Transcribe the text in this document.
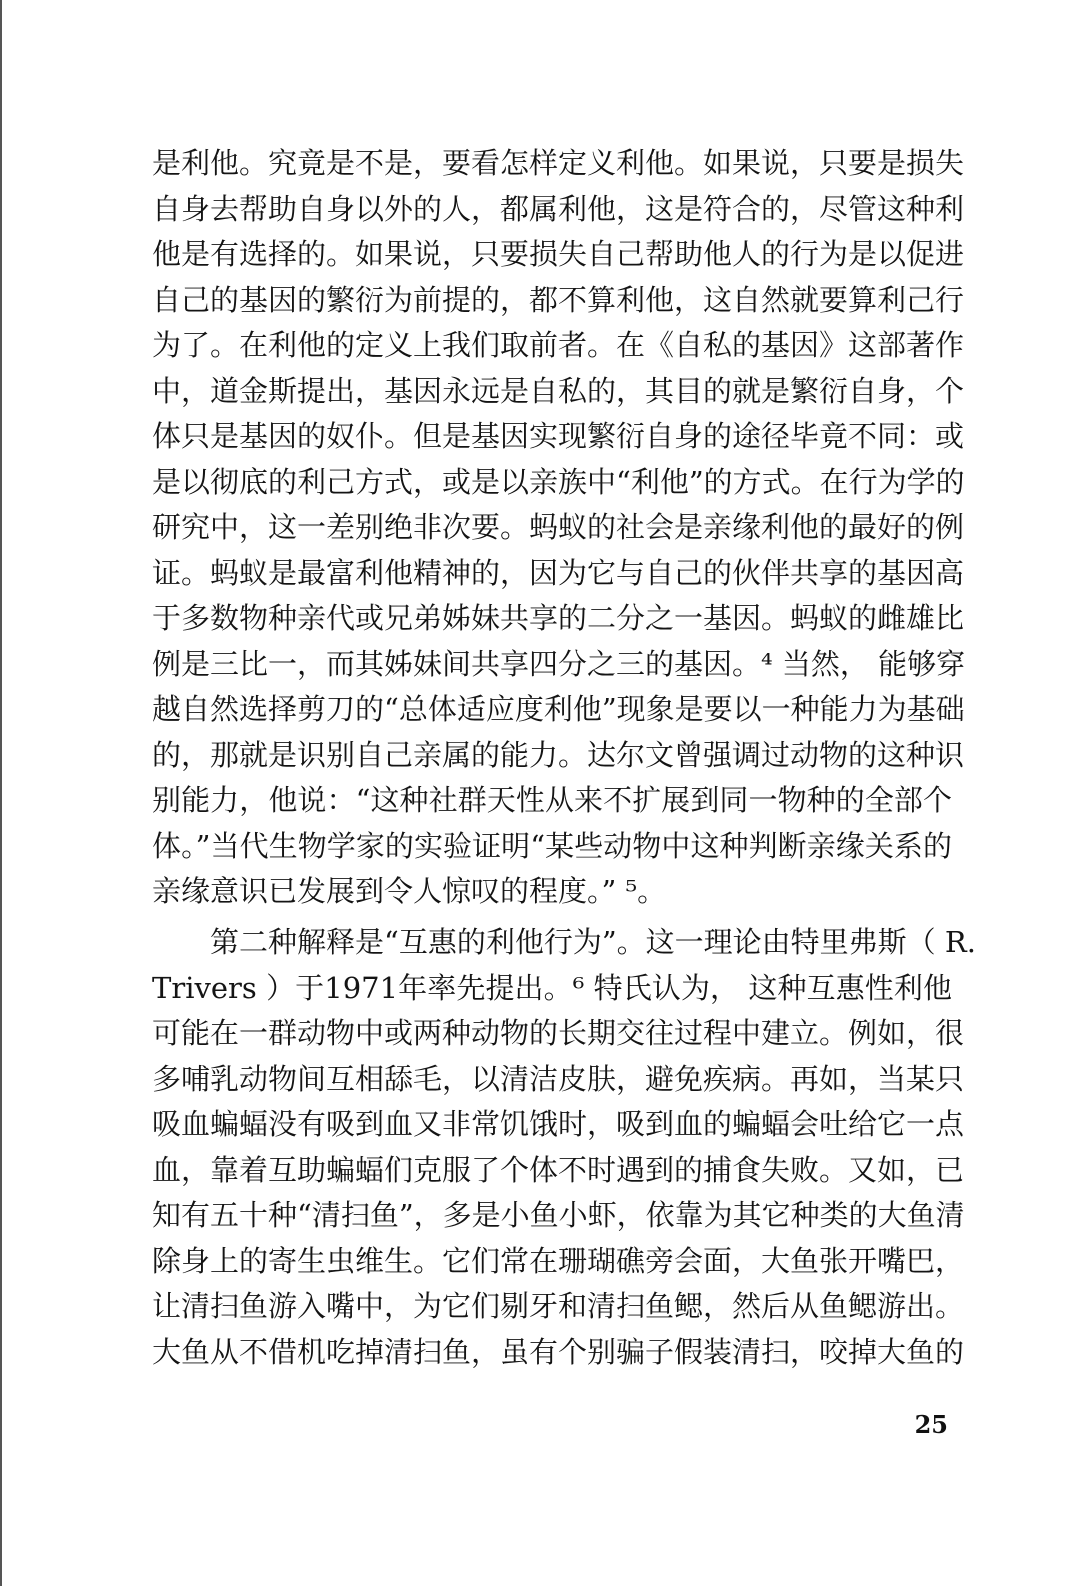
是利他。究竟是不是，要看怎样定义利他。如果说，只要是损失
自身去帮助自身以外的人，都属利他，这是符合的，尽管这种利
他是有选择的。如果说，只要损失自己帮助他人的行为是以促进
自己的基因的繁衍为前提的，都不算利他，这自然就要算利己行
为了。在利他的定义上我们取前者。在《自私的基因》这部著作
中，道金斯提出，基因永远是自私的，其目的就是繁衍自身，个
体只是基因的奴仆。但是基因实现繁衍自身的途径毕竟不同：或
是以彻底的利己方式，或是以亲族中“利他”的方式。在行为学的
研究中，这一差别绝非次要。蚂蚁的社会是亲缘利他的最好的例
证。蚂蚁是最富利他精神的，因为它与自己的伙伴共享的基因高
于多数物种亲代或兄弟姊妹共享的二分之一基因。蚂蚁的雌雄比
例是三比一，而其姊妹间共享四分之三的基因。⁴ 当然， 能够穿
越自然选择剪刀的“总体适应度利他”现象是要以一种能力为基础
的，那就是识别自己亲属的能力。达尔文曾强调过动物的这种识
别能力，他说：“这种社群天性从来不扩展到同一物种的全部个
体。”当代生物学家的实验证明“某些动物中这种判断亲缘关系的
亲缘意识已发展到令人惊叹的程度。” ⁵。
第二种解释是“互惠的利他行为”。这一理论由特里弗斯（ R.
Trivers ）于1971年率先提出。⁶ 特氏认为， 这种互惠性利他
可能在一群动物中或两种动物的长期交往过程中建立。例如，很
多哺乳动物间互相舔毛，以清洁皮肤，避免疾病。再如，当某只
吸血蝙蝠没有吸到血又非常饥饿时，吸到血的蝙蝠会吐给它一点
血，靠着互助蝙蝠们克服了个体不时遇到的捕食失败。又如，已
知有五十种“清扫鱼”，多是小鱼小虾，依靠为其它种类的大鱼清
除身上的寄生虫维生。它们常在珊瑚礁旁会面，大鱼张开嘴巴，
让清扫鱼游入嘴中，为它们剔牙和清扫鱼鳃，然后从鱼鳃游出。
大鱼从不借机吃掉清扫鱼，虽有个别骗子假装清扫，咬掉大鱼的
25
